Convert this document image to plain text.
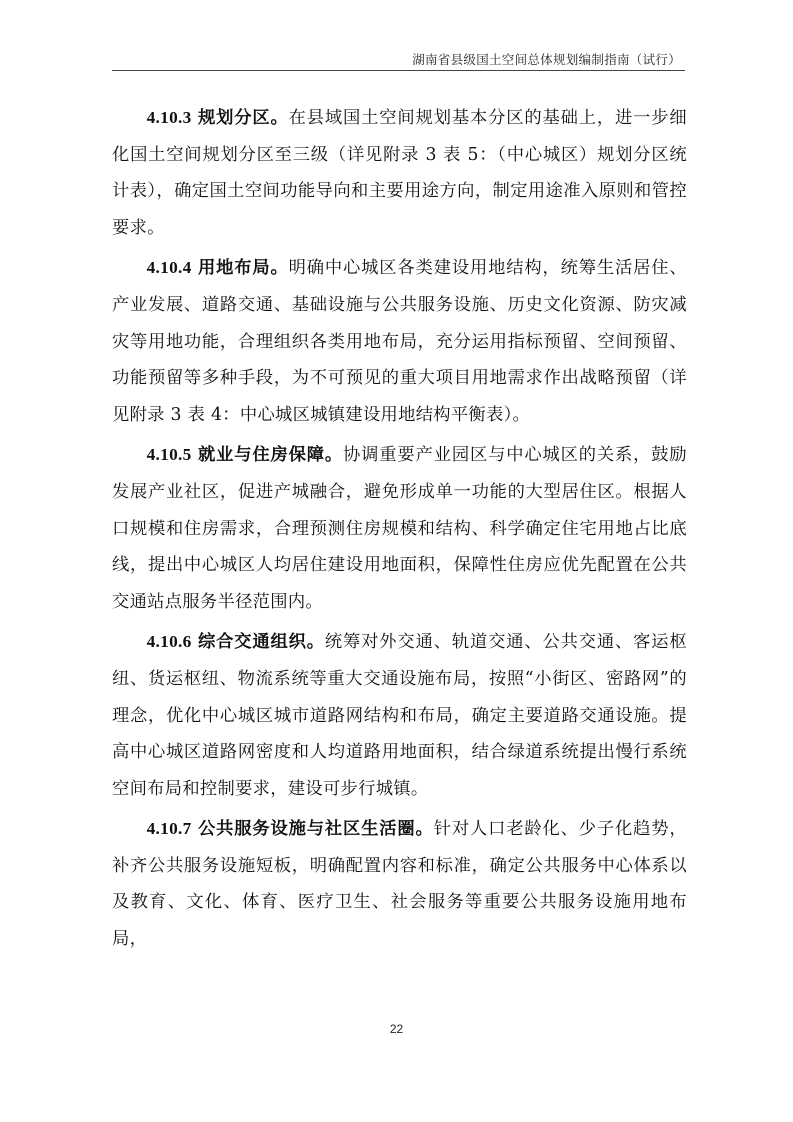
湖南省县级国土空间总体规划编制指南（试行）

4.10.3 规划分区。在县域国土空间规划基本分区的基础上，进一步细化国土空间规划分区至三级（详见附录 3 表 5：（中心城区）规划分区统计表），确定国土空间功能导向和主要用途方向，制定用途准入原则和管控要求。

4.10.4 用地布局。明确中心城区各类建设用地结构，统筹生活居住、产业发展、道路交通、基础设施与公共服务设施、历史文化资源、防灾减灾等用地功能，合理组织各类用地布局，充分运用指标预留、空间预留、功能预留等多种手段，为不可预见的重大项目用地需求作出战略预留（详见附录 3 表 4：中心城区城镇建设用地结构平衡表）。

4.10.5 就业与住房保障。协调重要产业园区与中心城区的关系，鼓励发展产业社区，促进产城融合，避免形成单一功能的大型居住区。根据人口规模和住房需求，合理预测住房规模和结构、科学确定住宅用地占比底线，提出中心城区人均居住建设用地面积，保障性住房应优先配置在公共交通站点服务半径范围内。

4.10.6 综合交通组织。统筹对外交通、轨道交通、公共交通、客运枢纽、货运枢纽、物流系统等重大交通设施布局，按照“小街区、密路网”的理念，优化中心城区城市道路网结构和布局，确定主要道路交通设施。提高中心城区道路网密度和人均道路用地面积，结合绿道系统提出慢行系统空间布局和控制要求，建设可步行城镇。

4.10.7 公共服务设施与社区生活圈。针对人口老龄化、少子化趋势，补齐公共服务设施短板，明确配置内容和标准，确定公共服务中心体系以及教育、文化、体育、医疗卫生、社会服务等重要公共服务设施用地布局，

22
